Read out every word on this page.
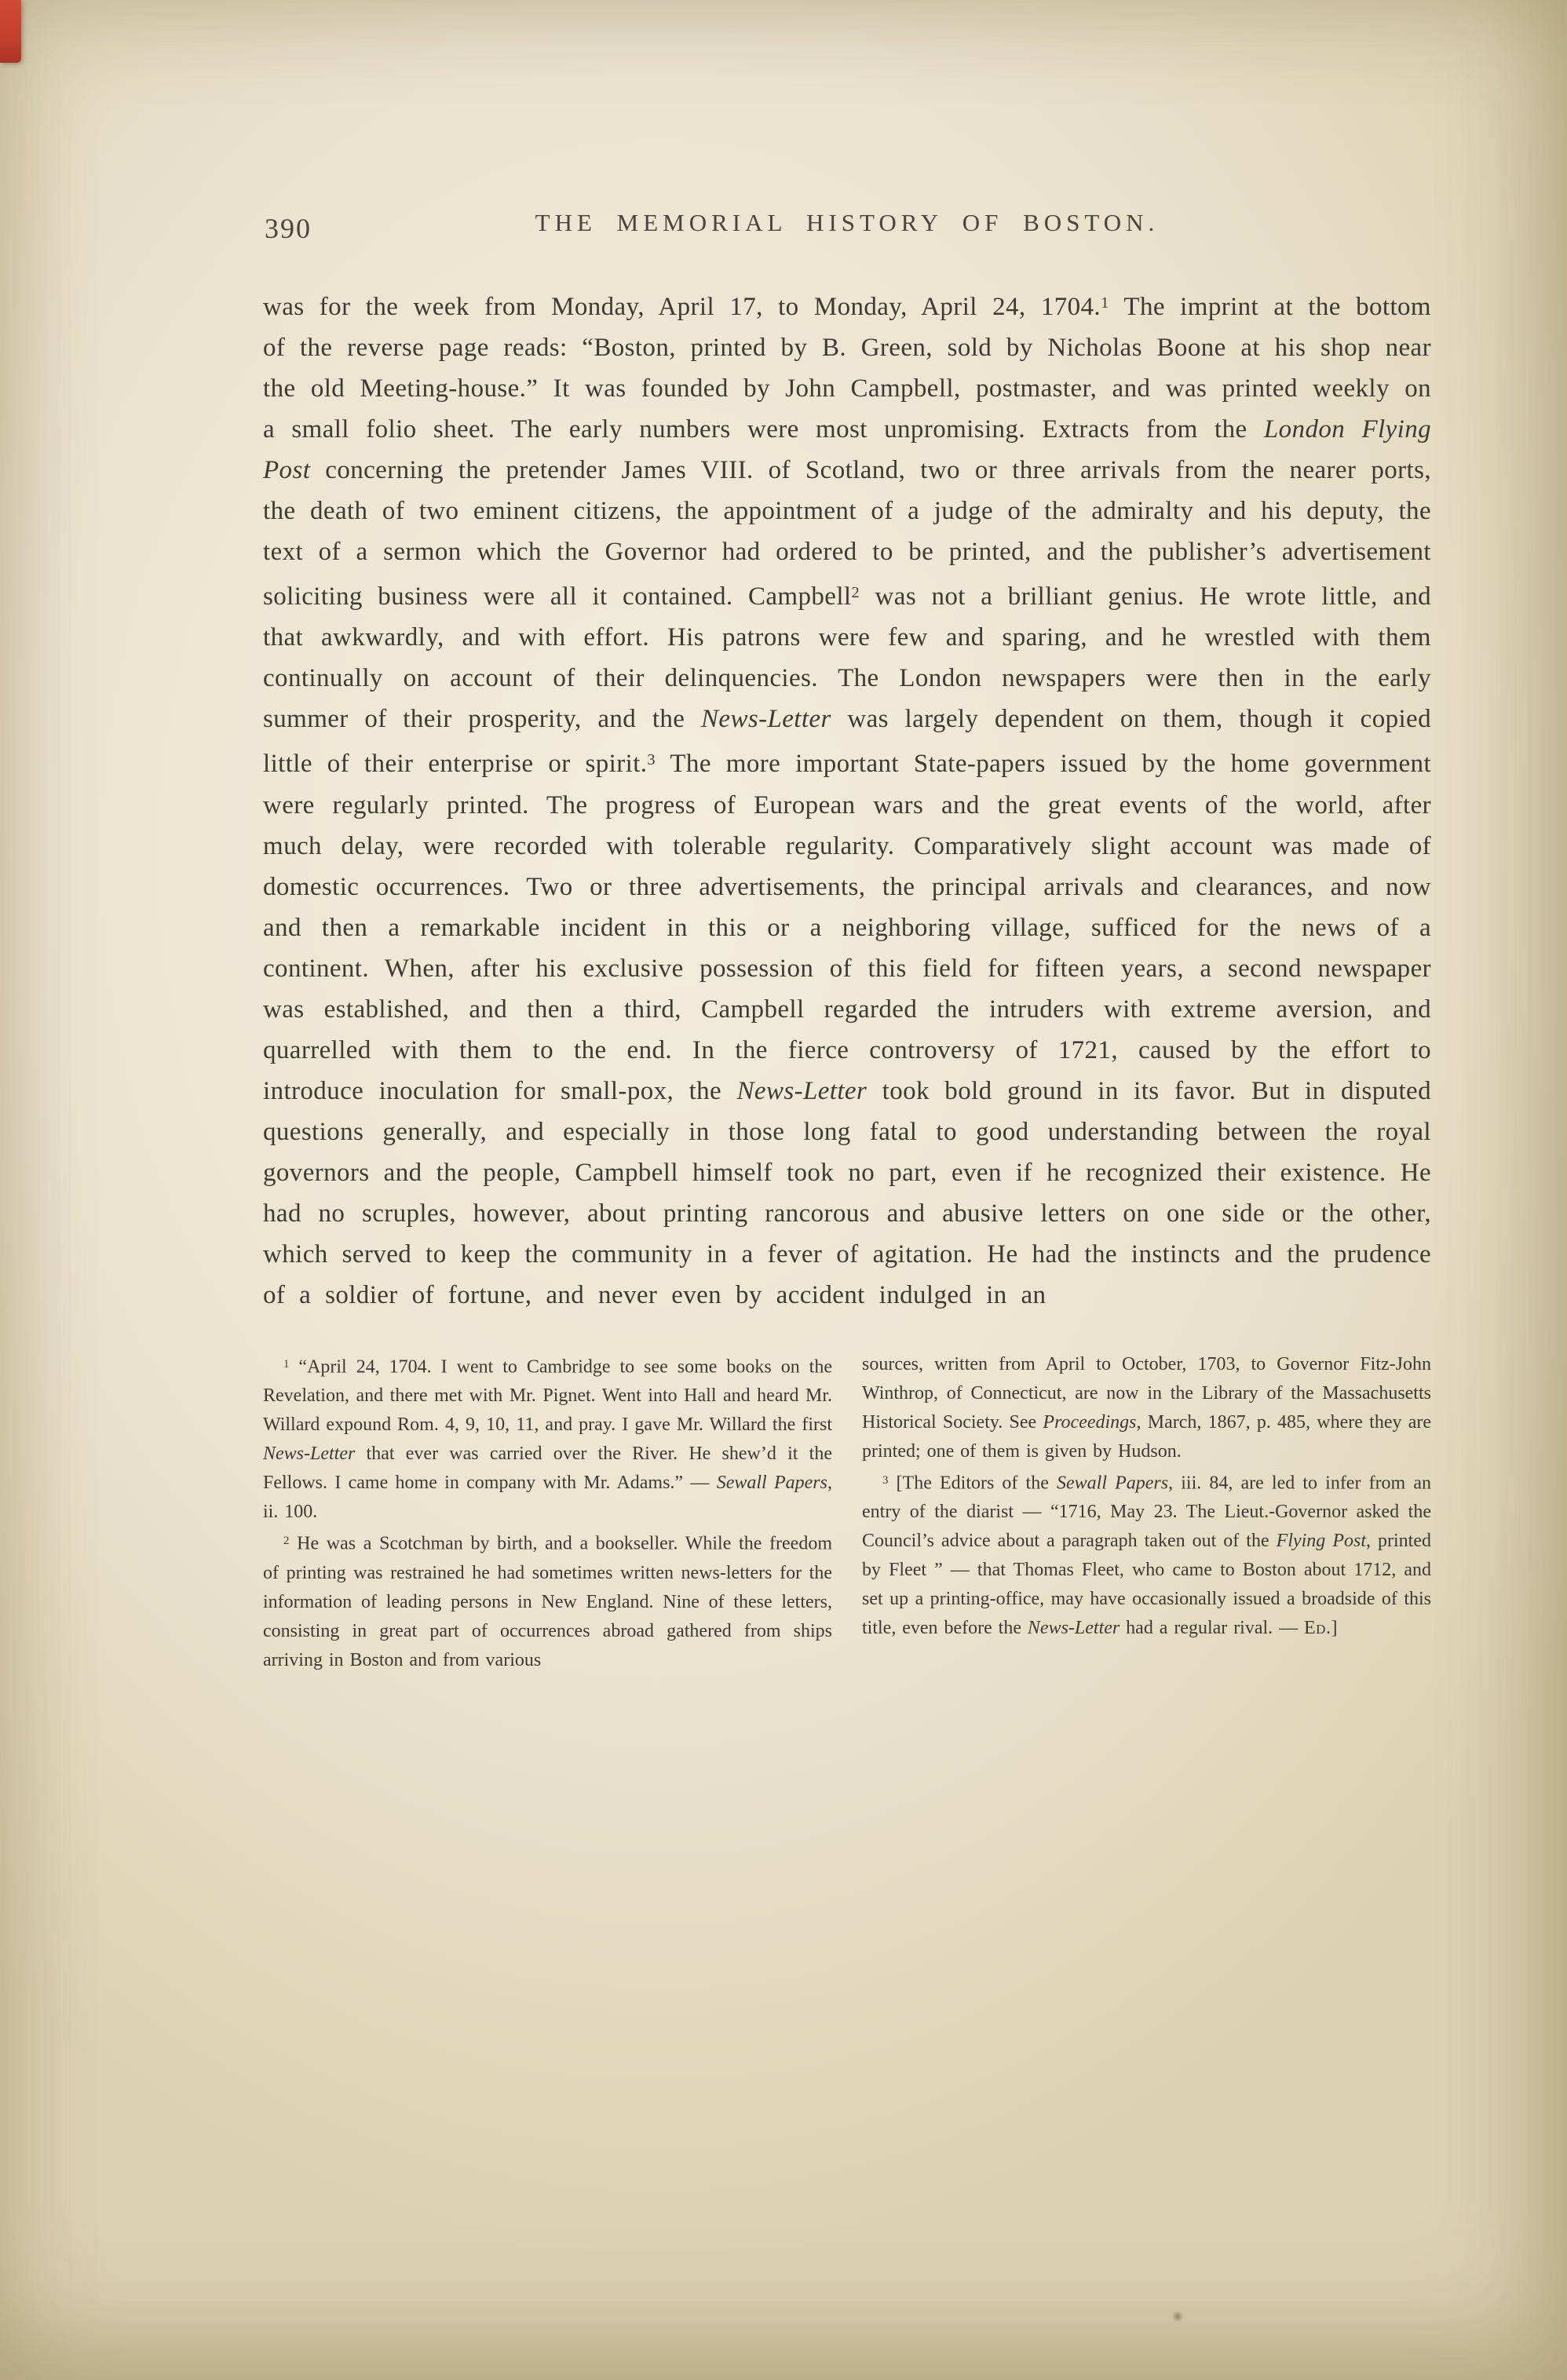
390	THE MEMORIAL HISTORY OF BOSTON.
was for the week from Monday, April 17, to Monday, April 24, 1704.$^1$ The imprint at the bottom of the reverse page reads: “Boston, printed by B. Green, sold by Nicholas Boone at his shop near the old Meeting-house.” It was founded by John Campbell, postmaster, and was printed weekly on a small folio sheet. The early numbers were most unpromising. Extracts from the London Flying Post concerning the pretender James VIII. of Scotland, two or three arrivals from the nearer ports, the death of two eminent citizens, the appointment of a judge of the admiralty and his deputy, the text of a sermon which the Governor had ordered to be printed, and the publisher’s advertisement soliciting business were all it contained. Campbell$^2$ was not a brilliant genius. He wrote little, and that awkwardly, and with effort. His patrons were few and sparing, and he wrestled with them continually on account of their delinquencies. The London newspapers were then in the early summer of their prosperity, and the News-Letter was largely dependent on them, though it copied little of their enterprise or spirit.$^3$ The more important State-papers issued by the home government were regularly printed. The progress of European wars and the great events of the world, after much delay, were recorded with tolerable regularity. Comparatively slight account was made of domestic occurrences. Two or three advertisements, the principal arrivals and clearances, and now and then a remarkable incident in this or a neighboring village, sufficed for the news of a continent. When, after his exclusive possession of this field for fifteen years, a second newspaper was established, and then a third, Campbell regarded the intruders with extreme aversion, and quarrelled with them to the end. In the fierce controversy of 1721, caused by the effort to introduce inoculation for small-pox, the News-Letter took bold ground in its favor. But in disputed questions generally, and especially in those long fatal to good understanding between the royal governors and the people, Campbell himself took no part, even if he recognized their existence. He had no scruples, however, about printing rancorous and abusive letters on one side or the other, which served to keep the community in a fever of agitation. He had the instincts and the prudence of a soldier of fortune, and never even by accident indulged in an

$^1$ “April 24, 1704. I went to Cambridge to see some books on the Revelation, and there met with Mr. Pignet. Went into Hall and heard Mr. Willard expound Rom. 4, 9, 10, 11, and pray. I gave Mr. Willard the first News-Letter that ever was carried over the River. He shew’d it the Fellows. I came home in company with Mr. Adams.” — Sewall Papers, ii. 100.

$^2$ He was a Scotchman by birth, and a bookseller. While the freedom of printing was restrained he had sometimes written news-letters for the information of leading persons in New England. Nine of these letters, consisting in great part of occurrences abroad gathered from ships arriving in Boston and from various

sources, written from April to October, 1703, to Governor Fitz-John Winthrop, of Connecticut, are now in the Library of the Massachusetts Historical Society. See Proceedings, March, 1867, p. 485, where they are printed; one of them is given by Hudson.

$^3$ [The Editors of the Sewall Papers, iii. 84, are led to infer from an entry of the diarist — “1716, May 23. The Lieut.-Governor asked the Council’s advice about a paragraph taken out of the Flying Post, printed by Fleet ” — that Thomas Fleet, who came to Boston about 1712, and set up a printing-office, may have occasionally issued a broadside of this title, even before the News-Letter had a regular rival. — Ed.]
